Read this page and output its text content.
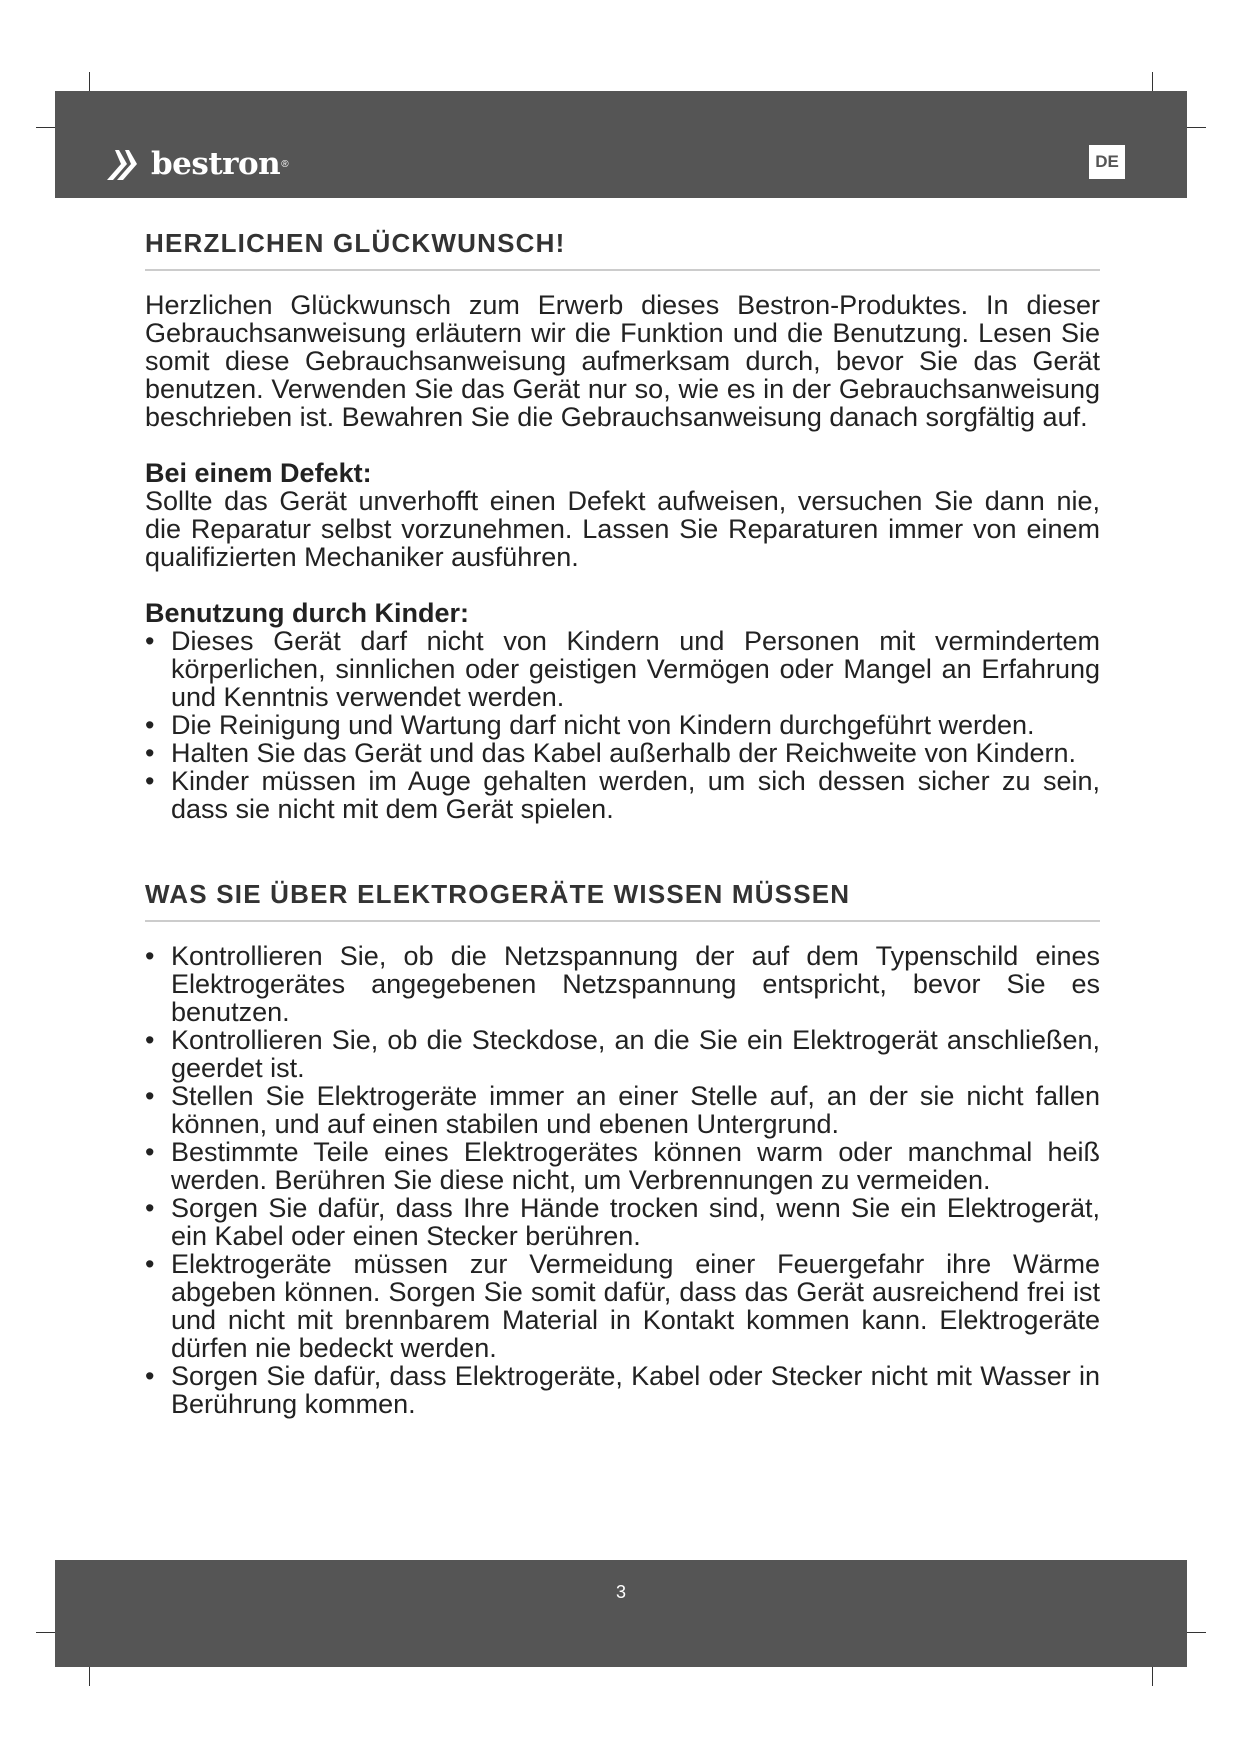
bestron ®	DE
HERZLICHEN GLÜCKWUNSCH!

Herzlichen Glückwunsch zum Erwerb dieses Bestron-Produktes. In dieser Gebrauchsanweisung erläutern wir die Funktion und die Benutzung. Lesen Sie somit diese Gebrauchsanweisung aufmerksam durch, bevor Sie das Gerät benutzen. Verwenden Sie das Gerät nur so, wie es in der Gebrauchsanweisung beschrieben ist. Bewahren Sie die Gebrauchsanweisung danach sorgfältig auf.

Bei einem Defekt:

Sollte das Gerät unverhofft einen Defekt aufweisen, versuchen Sie dann nie, die Reparatur selbst vorzunehmen. Lassen Sie Reparaturen immer von einem qualifizierten Mechaniker ausführen.

Benutzung durch Kinder:

• Dieses Gerät darf nicht von Kindern und Personen mit vermindertem körperlichen, sinnlichen oder geistigen Vermögen oder Mangel an Erfahrung und Kenntnis verwendet werden.
• Die Reinigung und Wartung darf nicht von Kindern durchgeführt werden.
• Halten Sie das Gerät und das Kabel außerhalb der Reichweite von Kindern.
• Kinder müssen im Auge gehalten werden, um sich dessen sicher zu sein, dass sie nicht mit dem Gerät spielen.
WAS SIE ÜBER ELEKTROGERÄTE WISSEN MÜSSEN
• Kontrollieren Sie, ob die Netzspannung der auf dem Typenschild eines Elektrogerätes angegebenen Netzspannung entspricht, bevor Sie es benutzen.
• Kontrollieren Sie, ob die Steckdose, an die Sie ein Elektrogerät anschließen, geerdet ist.
• Stellen Sie Elektrogeräte immer an einer Stelle auf, an der sie nicht fallen können, und auf einen stabilen und ebenen Untergrund.
• Bestimmte Teile eines Elektrogerätes können warm oder manchmal heiß werden. Berühren Sie diese nicht, um Verbrennungen zu vermeiden.
• Sorgen Sie dafür, dass Ihre Hände trocken sind, wenn Sie ein Elektrogerät, ein Kabel oder einen Stecker berühren.
• Elektrogeräte müssen zur Vermeidung einer Feuergefahr ihre Wärme abgeben können. Sorgen Sie somit dafür, dass das Gerät ausreichend frei ist und nicht mit brennbarem Material in Kontakt kommen kann. Elektrogeräte dürfen nie bedeckt werden.
• Sorgen Sie dafür, dass Elektrogeräte, Kabel oder Stecker nicht mit Wasser in Berührung kommen.
3
